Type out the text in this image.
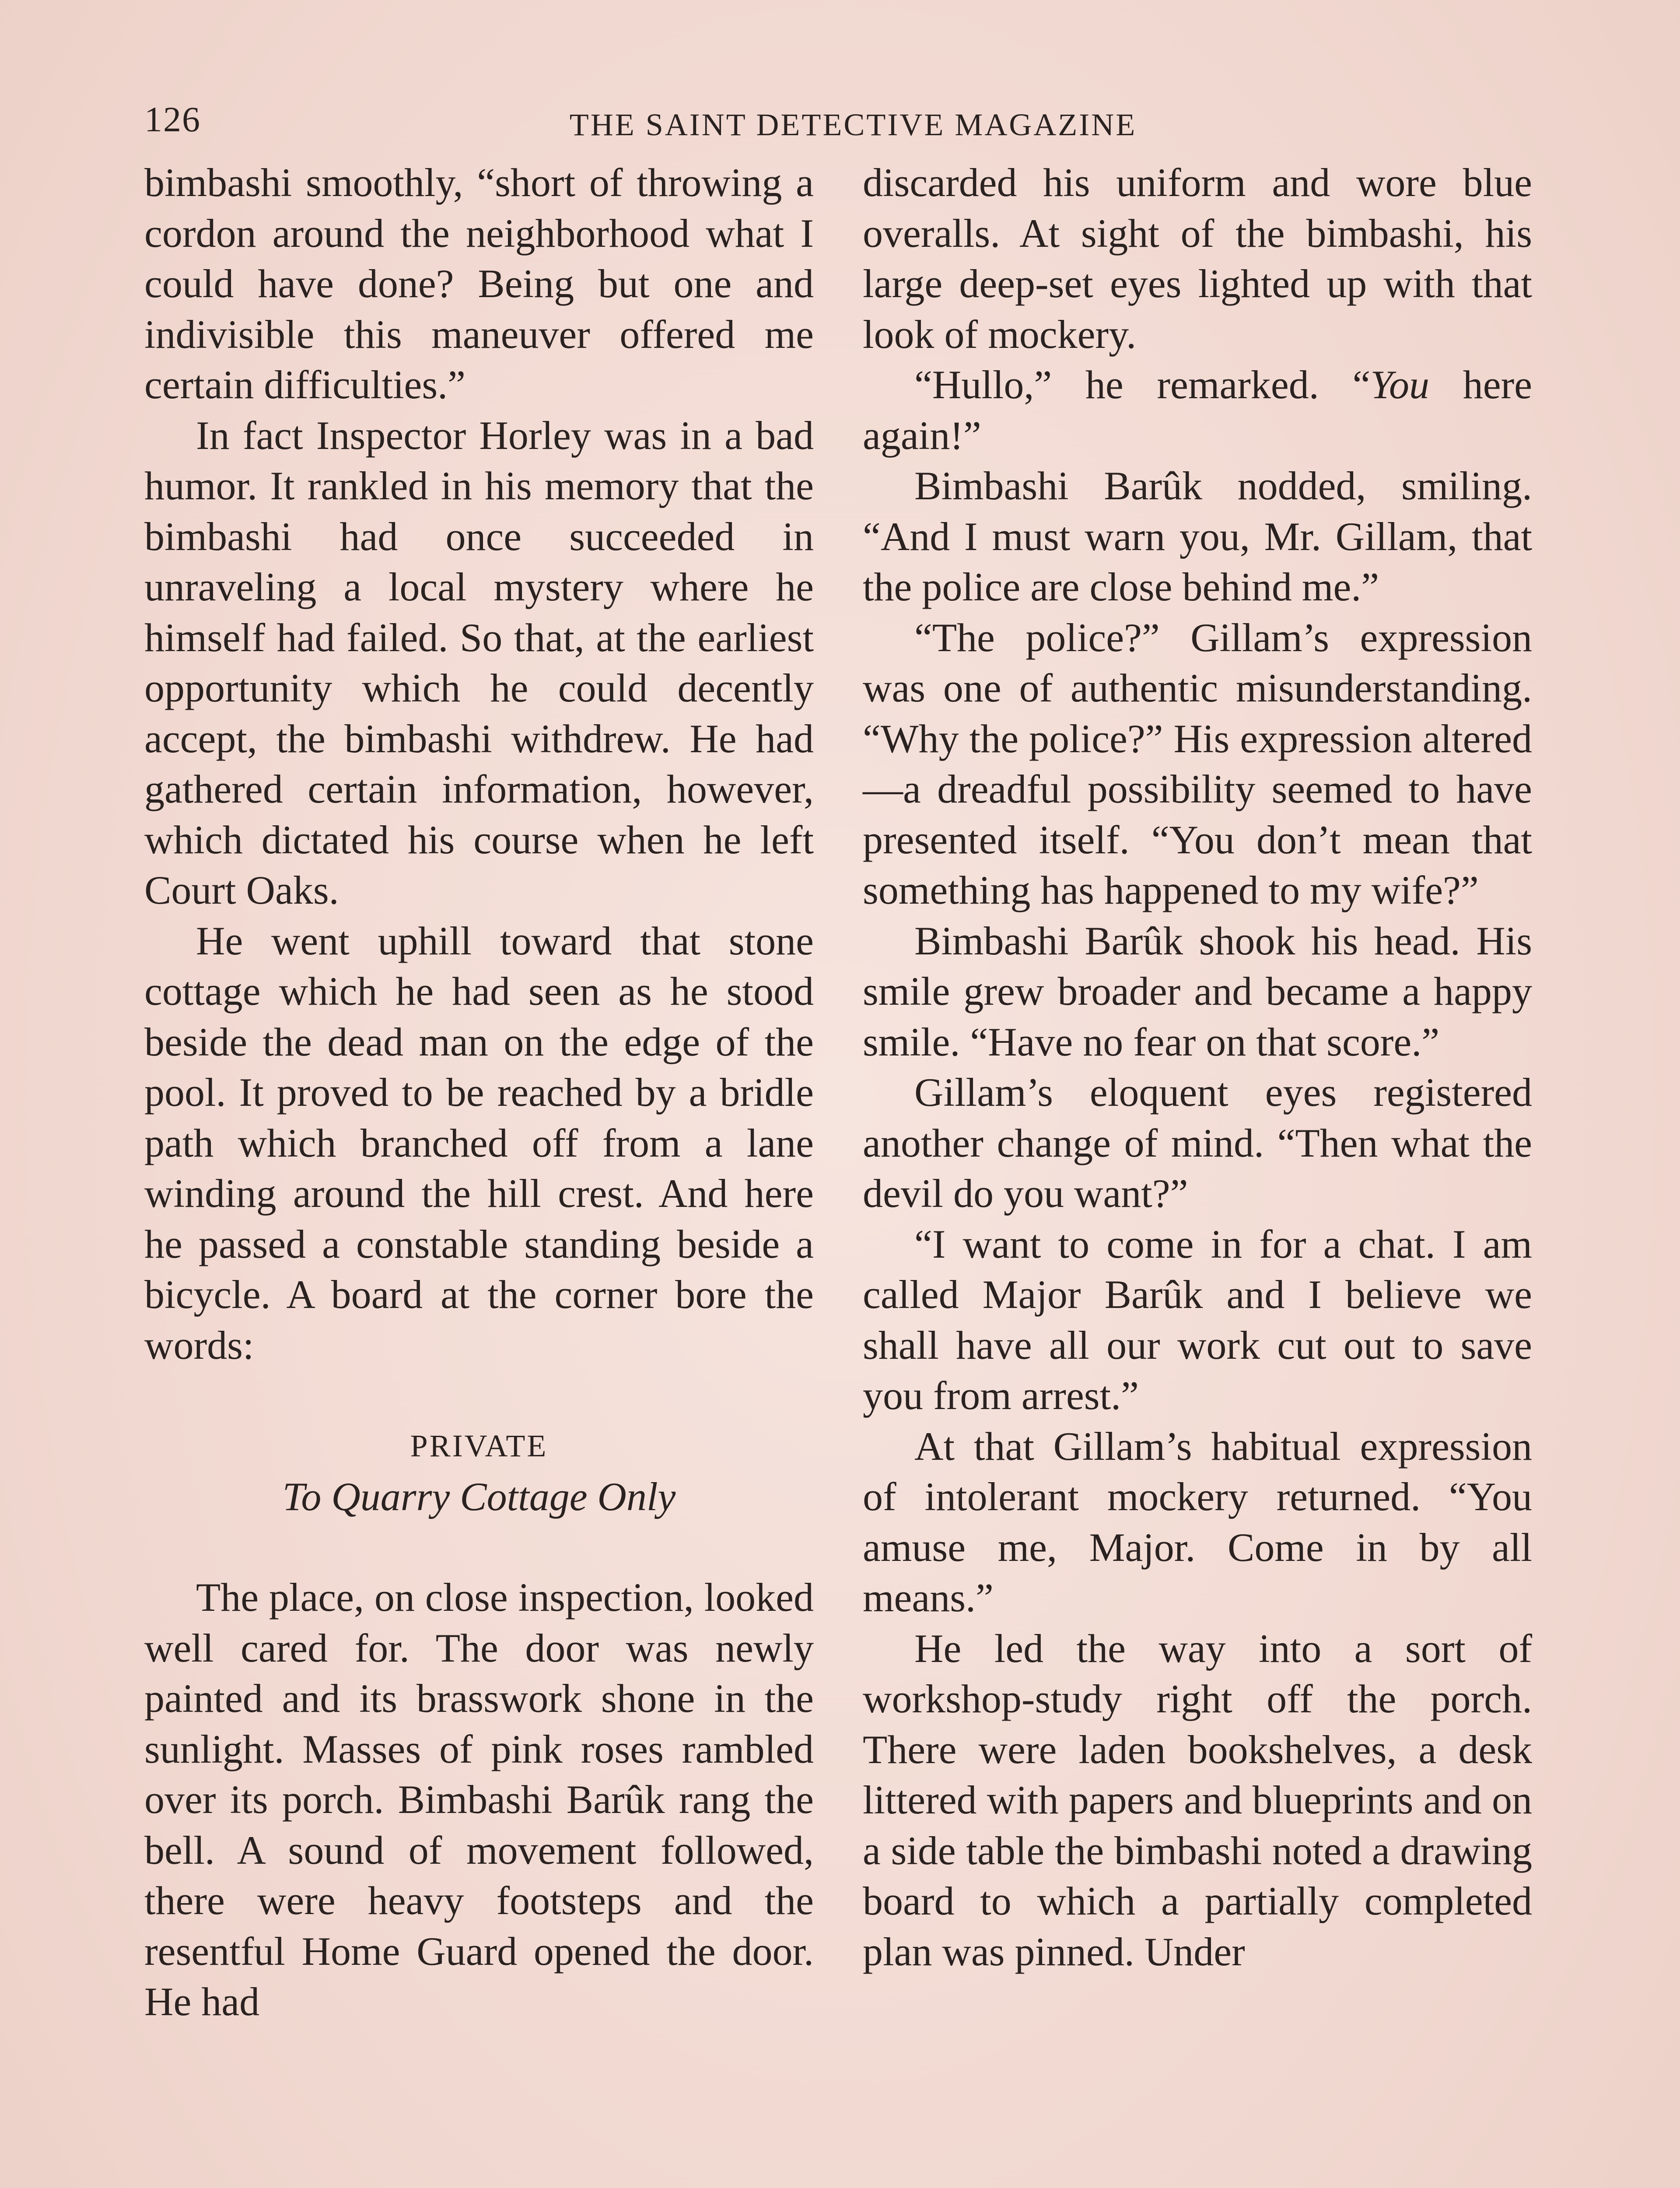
126	THE SAINT DETECTIVE MAGAZINE

bimbashi smoothly, “short of throwing a cordon around the neighborhood what I could have done? Being but one and indivisible this maneuver offered me certain difficulties.”

In fact Inspector Horley was in a bad humor. It rankled in his memory that the bimbashi had once succeeded in unraveling a local mystery where he himself had failed. So that, at the earliest opportunity which he could decently accept, the bimbashi withdrew. He had gathered certain information, however, which dictated his course when he left Court Oaks.

He went uphill toward that stone cottage which he had seen as he stood beside the dead man on the edge of the pool. It proved to be reached by a bridle path which branched off from a lane winding around the hill crest. And here he passed a constable standing beside a bicycle. A board at the corner bore the words:

PRIVATE
To Quarry Cottage Only

The place, on close inspection, looked well cared for. The door was newly painted and its brasswork shone in the sunlight. Masses of pink roses rambled over its porch. Bimbashi Barûk rang the bell. A sound of movement followed, there were heavy footsteps and the resentful Home Guard opened the door. He had

discarded his uniform and wore blue overalls. At sight of the bimbashi, his large deep-set eyes lighted up with that look of mockery.

“Hullo,” he remarked. “You here again!”

Bimbashi Barûk nodded, smiling. “And I must warn you, Mr. Gillam, that the police are close behind me.”

“The police?” Gillam’s expression was one of authentic misunderstanding. “Why the police?” His expression altered—a dreadful possibility seemed to have presented itself. “You don’t mean that something has happened to my wife?”

Bimbashi Barûk shook his head. His smile grew broader and became a happy smile. “Have no fear on that score.”

Gillam’s eloquent eyes registered another change of mind. “Then what the devil do you want?”

“I want to come in for a chat. I am called Major Barûk and I believe we shall have all our work cut out to save you from arrest.”

At that Gillam’s habitual expression of intolerant mockery returned. “You amuse me, Major. Come in by all means.”

He led the way into a sort of workshop-study right off the porch. There were laden bookshelves, a desk littered with papers and blueprints and on a side table the bimbashi noted a drawing board to which a partially completed plan was pinned. Under
